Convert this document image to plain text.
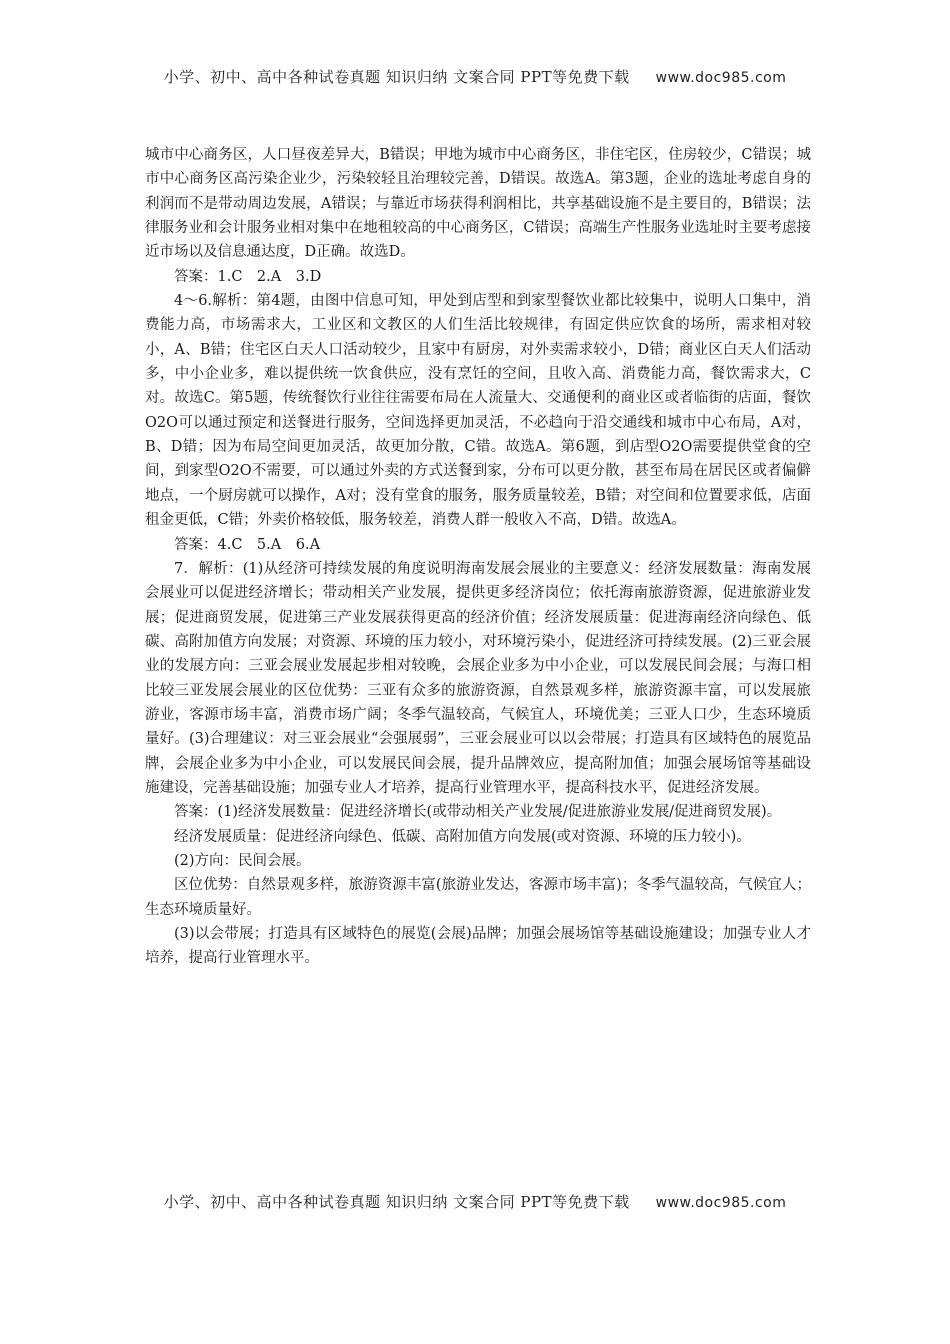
小学、初中、高中各种试卷真题 知识归纳 文案合同 PPT等免费下载 www.doc985.com

城市中心商务区，人口昼夜差异大，B错误；甲地为城市中心商务区，非住宅区，住房较少，C错误；城市中心商务区高污染企业少，污染较轻且治理较完善，D错误。故选A。第3题，企业的选址考虑自身的利润而不是带动周边发展，A错误；与靠近市场获得利润相比，共享基础设施不是主要目的，B错误；法律服务业和会计服务业相对集中在地租较高的中心商务区，C错误；高端生产性服务业选址时主要考虑接近市场以及信息通达度，D正确。故选D。

答案：1.C　2.A　3.D

4～6.解析：第4题，由图中信息可知，甲处到店型和到家型餐饮业都比较集中，说明人口集中，消费能力高，市场需求大，工业区和文教区的人们生活比较规律，有固定供应饮食的场所，需求相对较小，A、B错；住宅区白天人口活动较少，且家中有厨房，对外卖需求较小，D错；商业区白天人们活动多，中小企业多，难以提供统一饮食供应，没有烹饪的空间，且收入高、消费能力高，餐饮需求大，C对。故选C。第5题，传统餐饮行业往往需要布局在人流量大、交通便利的商业区或者临街的店面，餐饮O2O可以通过预定和送餐进行服务，空间选择更加灵活，不必趋向于沿交通线和城市中心布局，A对，B、D错；因为布局空间更加灵活，故更加分散，C错。故选A。第6题，到店型O2O需要提供堂食的空间，到家型O2O不需要，可以通过外卖的方式送餐到家，分布可以更分散，甚至布局在居民区或者偏僻地点，一个厨房就可以操作，A对；没有堂食的服务，服务质量较差，B错；对空间和位置要求低，店面租金更低，C错；外卖价格较低，服务较差，消费人群一般收入不高，D错。故选A。

答案：4.C　5.A　6.A

7．解析：(1)从经济可持续发展的角度说明海南发展会展业的主要意义：经济发展数量：海南发展会展业可以促进经济增长；带动相关产业发展，提供更多经济岗位；依托海南旅游资源，促进旅游业发展；促进商贸发展，促进第三产业发展获得更高的经济价值；经济发展质量：促进海南经济向绿色、低碳、高附加值方向发展；对资源、环境的压力较小，对环境污染小，促进经济可持续发展。(2)三亚会展业的发展方向：三亚会展业发展起步相对较晚，会展企业多为中小企业，可以发展民间会展；与海口相比较三亚发展会展业的区位优势：三亚有众多的旅游资源，自然景观多样，旅游资源丰富，可以发展旅游业，客源市场丰富，消费市场广阔；冬季气温较高，气候宜人，环境优美；三亚人口少，生态环境质量好。(3)合理建议：对三亚会展业“会强展弱”，三亚会展业可以以会带展；打造具有区域特色的展览品牌，会展企业多为中小企业，可以发展民间会展，提升品牌效应，提高附加值；加强会展场馆等基础设施建设，完善基础设施；加强专业人才培养，提高行业管理水平，提高科技水平，促进经济发展。

答案：(1)经济发展数量：促进经济增长(或带动相关产业发展/促进旅游业发展/促进商贸发展)。

经济发展质量：促进经济向绿色、低碳、高附加值方向发展(或对资源、环境的压力较小)。

(2)方向：民间会展。

区位优势：自然景观多样，旅游资源丰富(旅游业发达，客源市场丰富)；冬季气温较高，气候宜人；生态环境质量好。

(3)以会带展；打造具有区域特色的展览(会展)品牌；加强会展场馆等基础设施建设；加强专业人才培养，提高行业管理水平。

小学、初中、高中各种试卷真题 知识归纳 文案合同 PPT等免费下载 www.doc985.com
